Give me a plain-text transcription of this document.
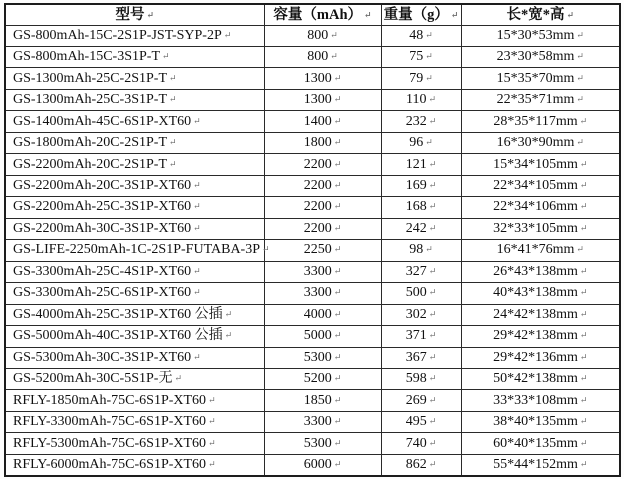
型号 ↵	容量（mAh） ↵	重量（g） ↵	长*宽*高 ↵
GS-800mAh-15C-2S1P-JST-SYP-2P ↵	800 ↵	48 ↵	15*30*53mm ↵
GS-800mAh-15C-3S1P-T ↵	800 ↵	75 ↵	23*30*58mm ↵
GS-1300mAh-25C-2S1P-T ↵	1300 ↵	79 ↵	15*35*70mm ↵
GS-1300mAh-25C-3S1P-T ↵	1300 ↵	110 ↵	22*35*71mm ↵
GS-1400mAh-45C-6S1P-XT60 ↵	1400 ↵	232 ↵	28*35*117mm ↵
GS-1800mAh-20C-2S1P-T ↵	1800 ↵	96 ↵	16*30*90mm ↵
GS-2200mAh-20C-2S1P-T ↵	2200 ↵	121 ↵	15*34*105mm ↵
GS-2200mAh-20C-3S1P-XT60 ↵	2200 ↵	169 ↵	22*34*105mm ↵
GS-2200mAh-25C-3S1P-XT60 ↵	2200 ↵	168 ↵	22*34*106mm ↵
GS-2200mAh-30C-3S1P-XT60 ↵	2200 ↵	242 ↵	32*33*105mm ↵
GS-LIFE-2250mAh-1C-2S1P-FUTABA-3P ↵	2250 ↵	98 ↵	16*41*76mm ↵
GS-3300mAh-25C-4S1P-XT60 ↵	3300 ↵	327 ↵	26*43*138mm ↵
GS-3300mAh-25C-6S1P-XT60 ↵	3300 ↵	500 ↵	40*43*138mm ↵
GS-4000mAh-25C-3S1P-XT60 公插 ↵	4000 ↵	302 ↵	24*42*138mm ↵
GS-5000mAh-40C-3S1P-XT60 公插 ↵	5000 ↵	371 ↵	29*42*138mm ↵
GS-5300mAh-30C-3S1P-XT60 ↵	5300 ↵	367 ↵	29*42*136mm ↵
GS-5200mAh-30C-5S1P-无 ↵	5200 ↵	598 ↵	50*42*138mm ↵
RFLY-1850mAh-75C-6S1P-XT60 ↵	1850 ↵	269 ↵	33*33*108mm ↵
RFLY-3300mAh-75C-6S1P-XT60 ↵	3300 ↵	495 ↵	38*40*135mm ↵
RFLY-5300mAh-75C-6S1P-XT60 ↵	5300 ↵	740 ↵	60*40*135mm ↵
RFLY-6000mAh-75C-6S1P-XT60 ↵	6000 ↵	862 ↵	55*44*152mm ↵
